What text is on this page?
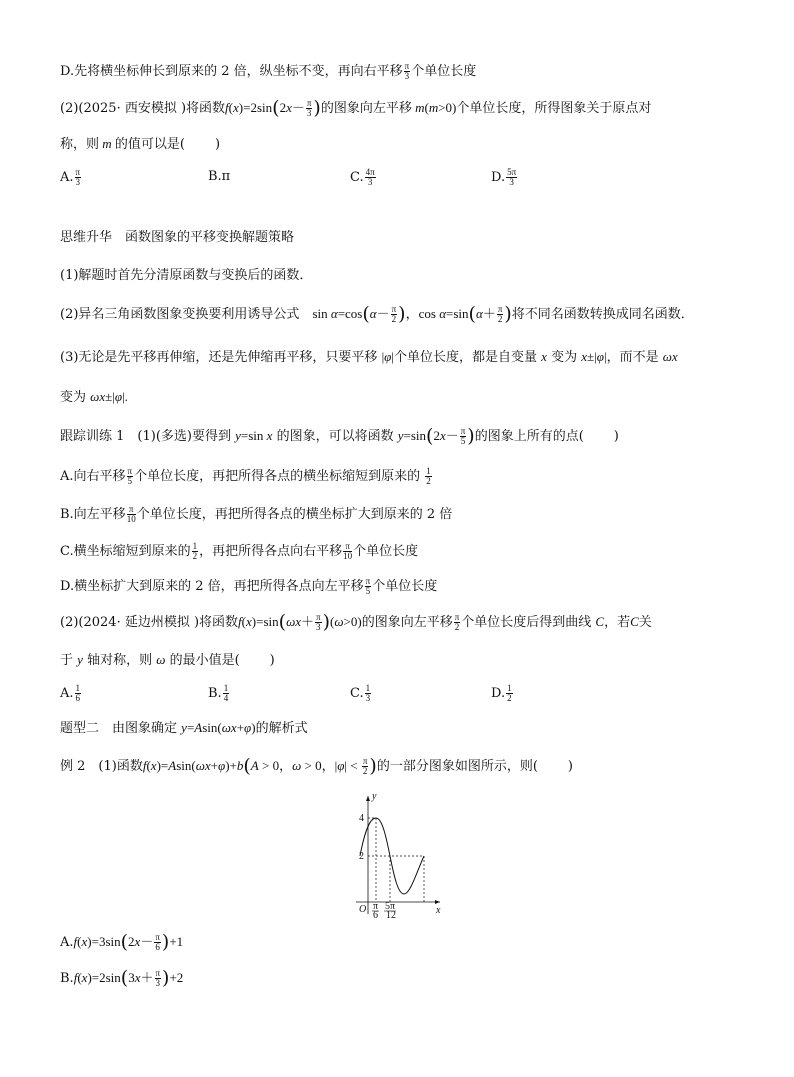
D.先将横坐标伸长到原来的 2 倍，纵坐标不变，再向右平移 $\frac{\pi}{3}$ 个单位长度
(2)(2025· 西安模拟 )将函数$f(x)=2\sin(2x- \frac{\pi}{3}$ )的图象向左平移 m(m>0)个单位长度，所得图象关于原点对
称，则 m 的值可以是( )
A. $\frac{\pi}{3}$	B.π	C. $\frac{4\pi}{3}$	D. $\frac{5\pi}{3}$
思维升华　函数图象的平移变换解题策略
(1)解题时首先分清原函数与变换后的函数．
(2)异名三角函数图象变换要利用诱导公式　 $\sin \alpha=\cos(\alpha- \frac{\pi}{2}$ )，$\cos \alpha=\sin(\alpha+ \frac{\pi}{2}$ )将不同名函数转换成同名函数．
(3)无论是先平移再伸缩，还是先伸缩再平移，只要平移 |φ|个单位长度，都是自变量 x 变为 x±|φ|，而不是 ωx
变为 ωx±|φ|.
跟踪训练 1　(1)(多选)要得到 y=sin x 的图象，可以将函数 $y=\sin(2x- \frac{\pi}{5}$ )的图象上所有的点( )
A.向右平移 $\frac{\pi}{5}$ 个单位长度，再把所得各点的横坐标缩短到原来的 $\frac{1}{2}$
B.向左平移 $\frac{\pi}{10}$ 个单位长度，再把所得各点的横坐标扩大到原来的 2 倍
C.横坐标缩短到原来的 $\frac{1}{2}$ ，再把所得各点向右平移 $\frac{\pi}{10}$ 个单位长度
D.横坐标扩大到原来的 2 倍，再把所得各点向左平移 $\frac{\pi}{5}$ 个单位长度
(2)(2024· 延边州模拟 )将函数$f(x)=\sin(\omega x+ \frac{\pi}{3} )(\omega>0)$的图象向左平移 $\frac{\pi}{2}$ 个单位长度后得到曲线 C，若C关
于 y 轴对称，则 ω 的最小值是( )
A. $\frac{1}{6}$	B. $\frac{1}{4}$	C. $\frac{1}{3}$	D. $\frac{1}{2}$
题型二　由图象确定 y=Asin(ωx+φ)的解析式
例 2　(1)函数f(x)=Asin(ωx+φ)+b(A > 0，ω > 0，$|\varphi| < \frac{\pi}{2}$ )的一部分图象如图所示，则( )
y
x
O
4
2
π
6
5π
12
$A.f(x)=3\sin(2x- \frac{\pi}{6} )+1$
$B.f(x)=2\sin(3x+ \frac{\pi}{3} )+2$
